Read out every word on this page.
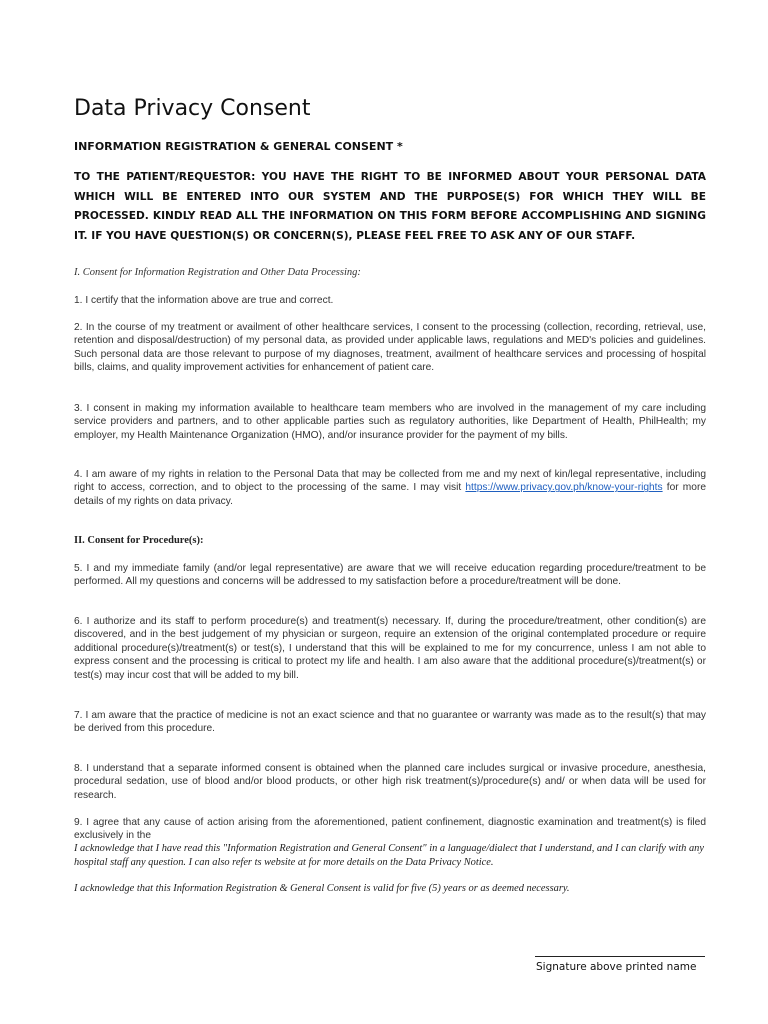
Data Privacy Consent
INFORMATION REGISTRATION & GENERAL CONSENT *
TO THE PATIENT/REQUESTOR: YOU HAVE THE RIGHT TO BE INFORMED ABOUT YOUR PERSONAL DATA WHICH WILL BE ENTERED INTO OUR SYSTEM AND THE PURPOSE(S) FOR WHICH THEY WILL BE PROCESSED. KINDLY READ ALL THE INFORMATION ON THIS FORM BEFORE ACCOMPLISHING AND SIGNING IT. IF YOU HAVE QUESTION(S) OR CONCERN(S), PLEASE FEEL FREE TO ASK ANY OF OUR STAFF.
I. Consent for Information Registration and Other Data Processing:
1. I certify that the information above are true and correct.
2. In the course of my treatment or availment of other healthcare services, I consent to the processing (collection, recording, retrieval, use, retention and disposal/destruction) of my personal data, as provided under applicable laws, regulations and MED's policies and guidelines. Such personal data are those relevant to purpose of my diagnoses, treatment, availment of healthcare services and processing of hospital bills, claims, and quality improvement activities for enhancement of patient care.
3. I consent in making my information available to healthcare team members who are involved in the management of my care including service providers and partners, and to other applicable parties such as regulatory authorities, like Department of Health, PhilHealth; my employer, my Health Maintenance Organization (HMO), and/or insurance provider for the payment of my bills.
4. I am aware of my rights in relation to the Personal Data that may be collected from me and my next of kin/legal representative, including right to access, correction, and to object to the processing of the same. I may visit https://www.privacy.gov.ph/know-your-rights for more details of my rights on data privacy.
II. Consent for Procedure(s):
5. I and my immediate family (and/or legal representative) are aware that we will receive education regarding procedure/treatment to be performed. All my questions and concerns will be addressed to my satisfaction before a procedure/treatment will be done.
6. I authorize and its staff to perform procedure(s) and treatment(s) necessary. If, during the procedure/treatment, other condition(s) are discovered, and in the best judgement of my physician or surgeon, require an extension of the original contemplated procedure or require additional procedure(s)/treatment(s) or test(s), I understand that this will be explained to me for my concurrence, unless I am not able to express consent and the processing is critical to protect my life and health. I am also aware that the additional procedure(s)/treatment(s) or test(s) may incur cost that will be added to my bill.
7. I am aware that the practice of medicine is not an exact science and that no guarantee or warranty was made as to the result(s) that may be derived from this procedure.
8. I understand that a separate informed consent is obtained when the planned care includes surgical or invasive procedure, anesthesia, procedural sedation, use of blood and/or blood products, or other high risk treatment(s)/procedure(s) and/ or when data will be used for research.
9. I agree that any cause of action arising from the aforementioned, patient confinement, diagnostic examination and treatment(s) is filed exclusively in the
I acknowledge that I have read this "Information Registration and General Consent" in a language/dialect that I understand, and I can clarify with any hospital staff any question. I can also refer ts website at for more details on the Data Privacy Notice.
I acknowledge that this Information Registration & General Consent is valid for five (5) years or as deemed necessary.
Signature above printed name
